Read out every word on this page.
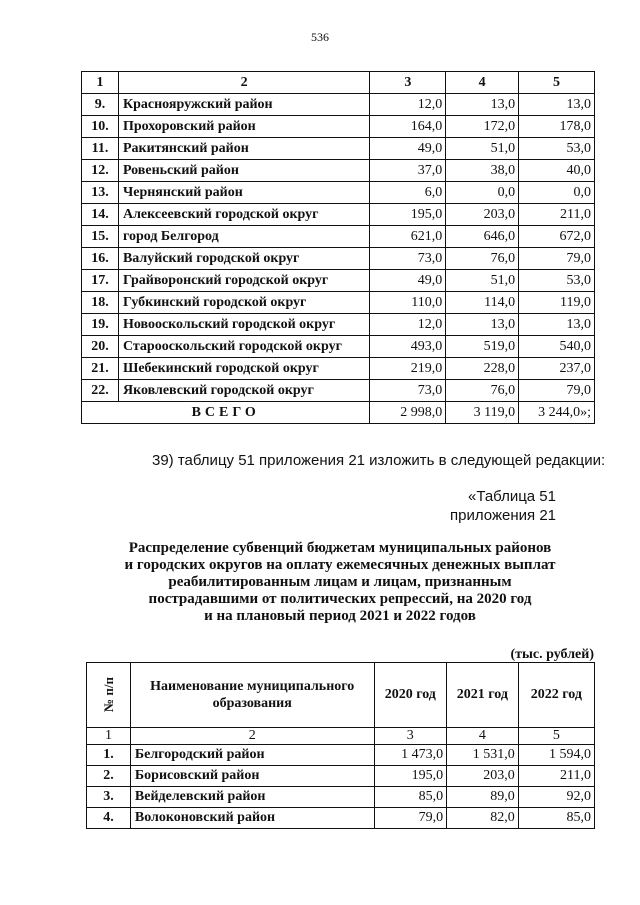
536
1	2	3	4	5
9.	Краснояружский район	12,0	13,0	13,0
10.	Прохоровский район	164,0	172,0	178,0
11.	Ракитянский район	49,0	51,0	53,0
12.	Ровеньский район	37,0	38,0	40,0
13.	Чернянский район	6,0	0,0	0,0
14.	Алексеевский городской округ	195,0	203,0	211,0
15.	город Белгород	621,0	646,0	672,0
16.	Валуйский городской округ	73,0	76,0	79,0
17.	Грайворонский городской округ	49,0	51,0	53,0
18.	Губкинский городской округ	110,0	114,0	119,0
19.	Новооскольский городской округ	12,0	13,0	13,0
20.	Старооскольский городской округ	493,0	519,0	540,0
21.	Шебекинский городской округ	219,0	228,0	237,0
22.	Яковлевский городской округ	73,0	76,0	79,0
ВСЕГО		2 998,0	3 119,0	3 244,0»;
39) таблицу 51 приложения 21 изложить в следующей редакции:
«Таблица 51
приложения 21
Распределение субвенций бюджетам муниципальных районов
и городских округов на оплату ежемесячных денежных выплат
реабилитированным лицам и лицам, признанным
пострадавшими от политических репрессий, на 2020 год
и на плановый период 2021 и 2022 годов
(тыс. рублей)
№ п/п	Наименование муниципального образования	2020 год	2021 год	2022 год
1	2	3	4	5
1.	Белгородский район	1 473,0	1 531,0	1 594,0
2.	Борисовский район	195,0	203,0	211,0
3.	Вейделевский район	85,0	89,0	92,0
4.	Волоконовский район	79,0	82,0	85,0
